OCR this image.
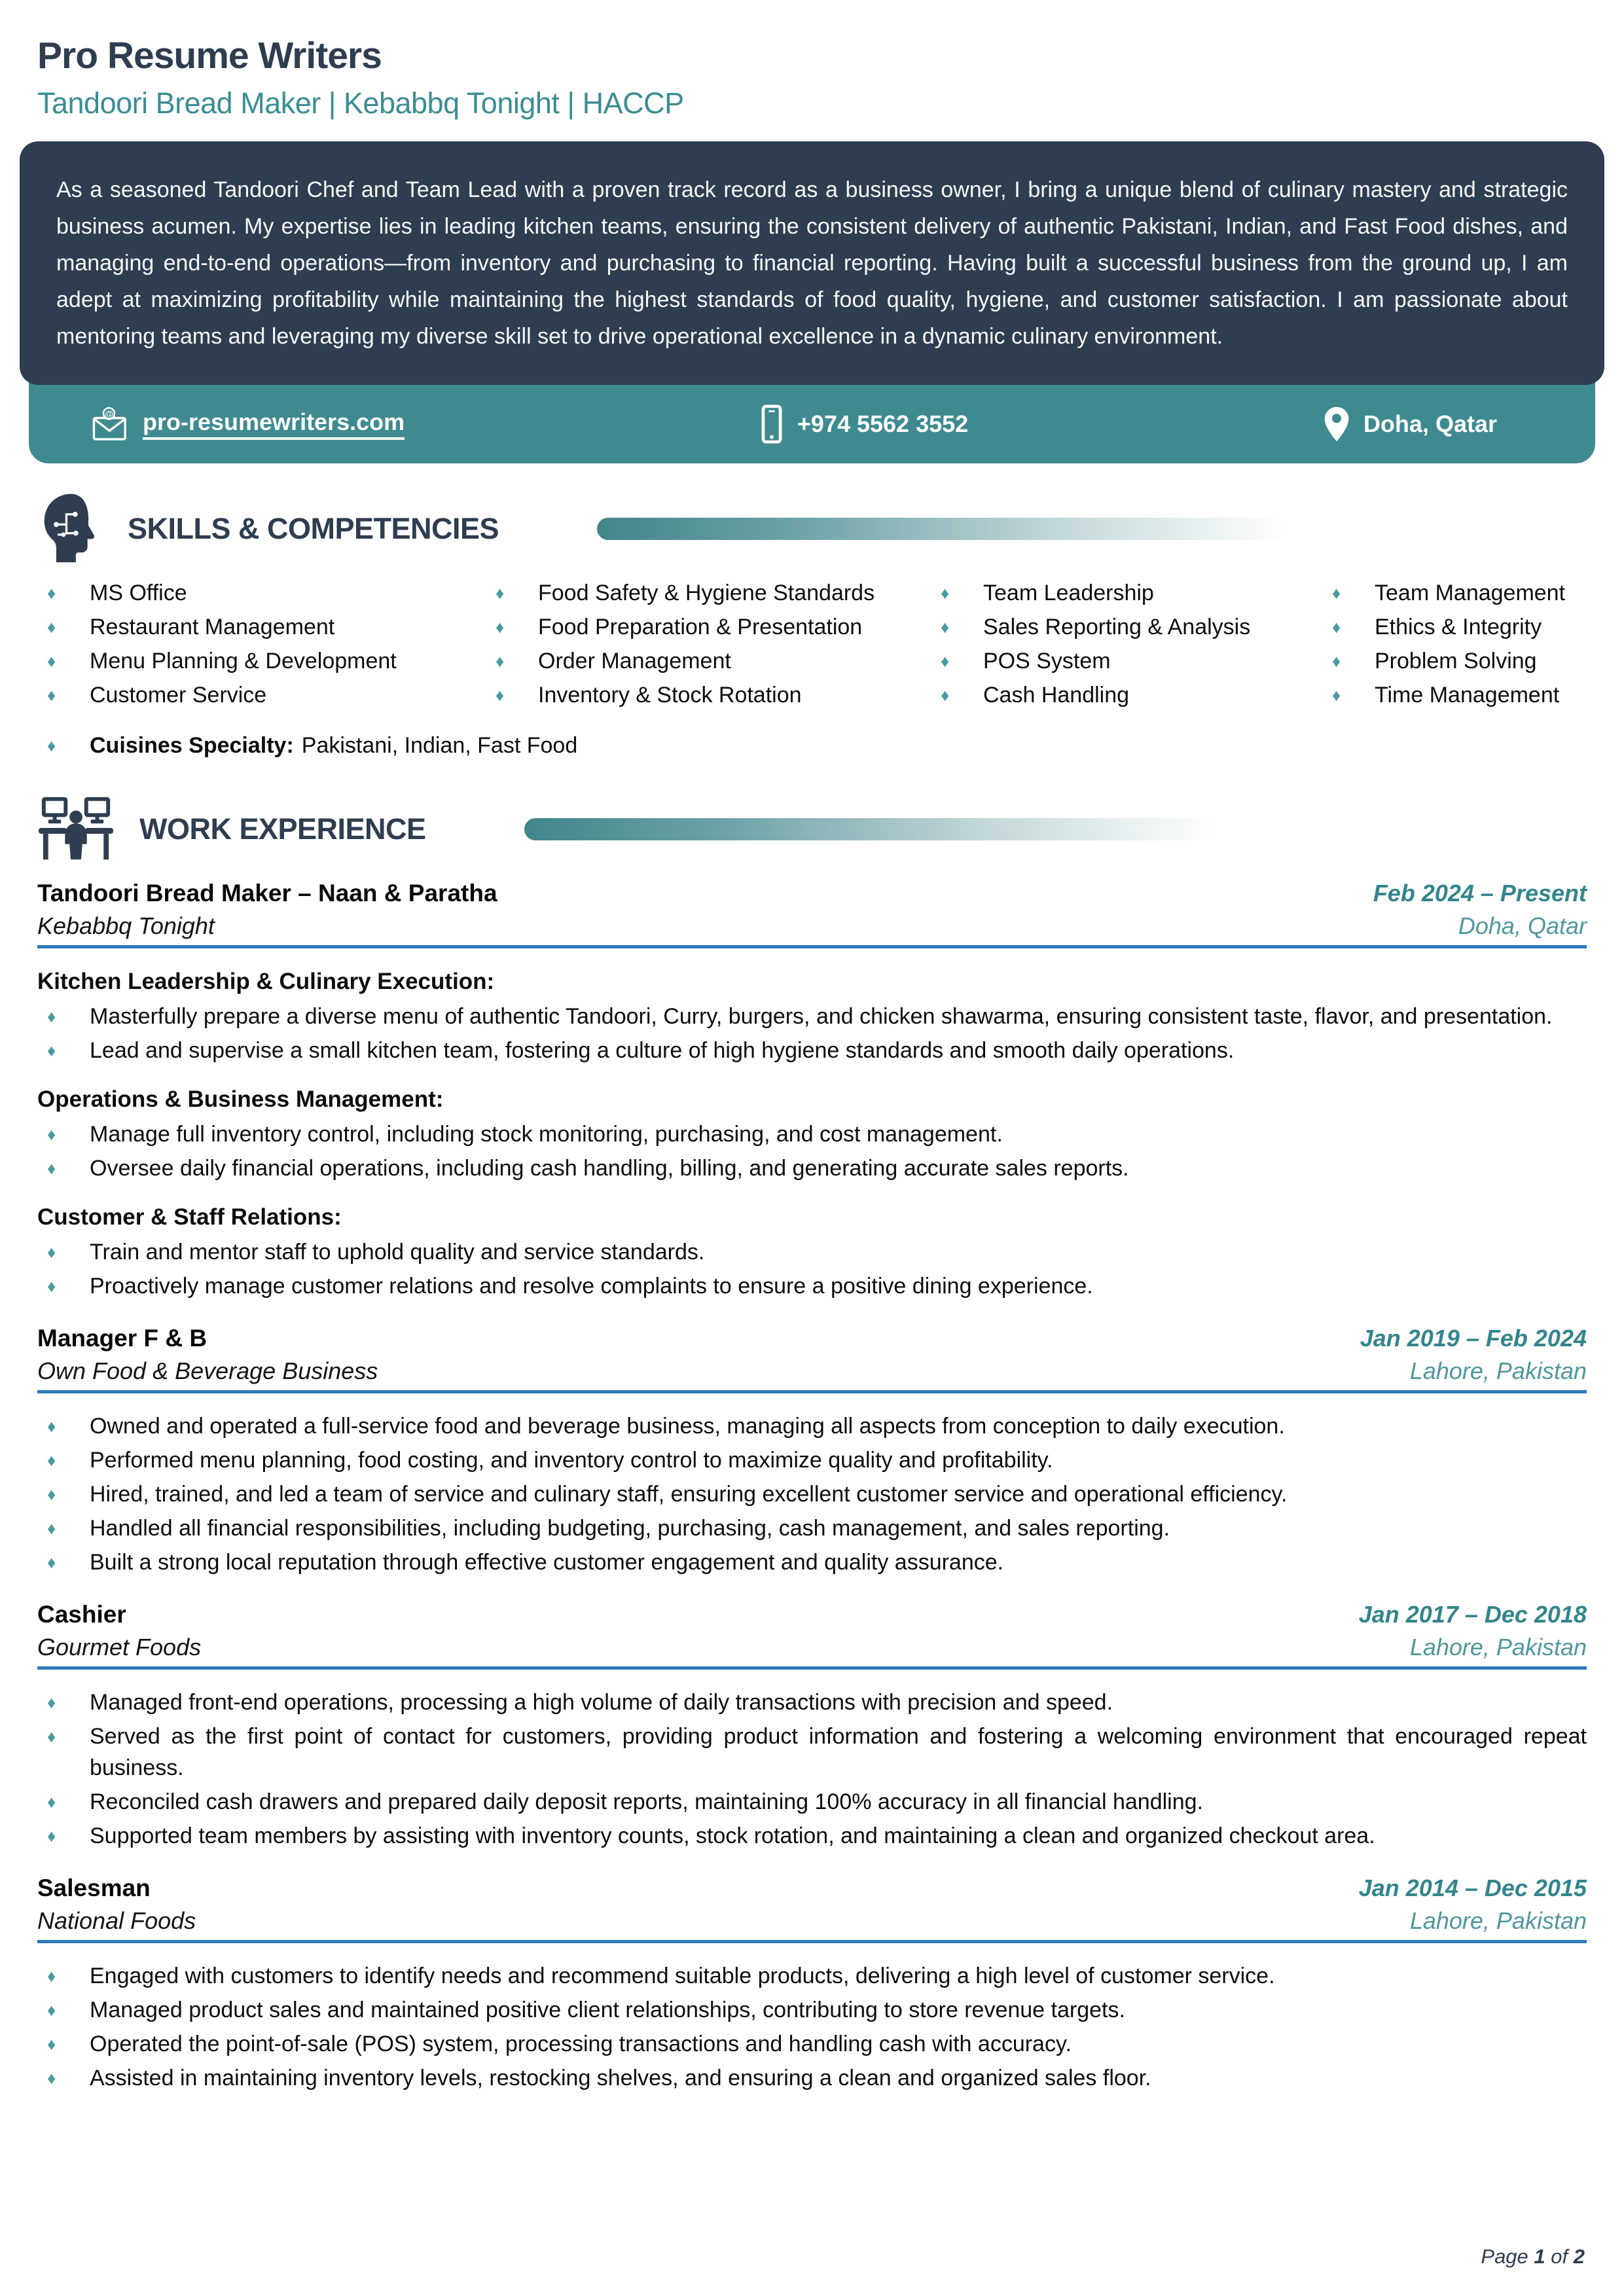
Pro Resume Writers
Tandoori Bread Maker | Kebabbq Tonight | HACCP
As a seasoned Tandoori Chef and Team Lead with a proven track record as a business owner, I bring a unique blend of culinary mastery and strategic business acumen. My expertise lies in leading kitchen teams, ensuring the consistent delivery of authentic Pakistani, Indian, and Fast Food dishes, and managing end-to-end operations—from inventory and purchasing to financial reporting. Having built a successful business from the ground up, I am adept at maximizing profitability while maintaining the highest standards of food quality, hygiene, and customer satisfaction. I am passionate about mentoring teams and leveraging my diverse skill set to drive operational excellence in a dynamic culinary environment.
@ pro-resumewriters.com	+974 5562 3552	Doha, Qatar
SKILLS & COMPETENCIES
♦	MS Office
♦	Restaurant Management
♦	Menu Planning & Development
♦	Customer Service
♦	Food Safety & Hygiene Standards
♦	Food Preparation & Presentation
♦	Order Management
♦	Inventory & Stock Rotation
♦	Team Leadership
♦	Sales Reporting & Analysis
♦	POS System
♦	Cash Handling
♦	Team Management
♦	Ethics & Integrity
♦	Problem Solving
♦	Time Management
♦	Cuisines Specialty: Pakistani, Indian, Fast Food
WORK EXPERIENCE
Tandoori Bread Maker – Naan & Paratha
Kebabbq Tonight
Feb 2024 – Present
Doha, Qatar
Kitchen Leadership & Culinary Execution:
♦	Masterfully prepare a diverse menu of authentic Tandoori, Curry, burgers, and chicken shawarma, ensuring consistent taste, flavor, and presentation.
♦	Lead and supervise a small kitchen team, fostering a culture of high hygiene standards and smooth daily operations.
Operations & Business Management:
♦	Manage full inventory control, including stock monitoring, purchasing, and cost management.
♦	Oversee daily financial operations, including cash handling, billing, and generating accurate sales reports.
Customer & Staff Relations:
♦	Train and mentor staff to uphold quality and service standards.
♦	Proactively manage customer relations and resolve complaints to ensure a positive dining experience.
Manager F & B
Own Food & Beverage Business
Jan 2019 – Feb 2024
Lahore, Pakistan
♦	Owned and operated a full-service food and beverage business, managing all aspects from conception to daily execution.
♦	Performed menu planning, food costing, and inventory control to maximize quality and profitability.
♦	Hired, trained, and led a team of service and culinary staff, ensuring excellent customer service and operational efficiency.
♦	Handled all financial responsibilities, including budgeting, purchasing, cash management, and sales reporting.
♦	Built a strong local reputation through effective customer engagement and quality assurance.
Cashier
Gourmet Foods
Jan 2017 – Dec 2018
Lahore, Pakistan
♦	Managed front-end operations, processing a high volume of daily transactions with precision and speed.
♦	Served as the first point of contact for customers, providing product information and fostering a welcoming environment that encouraged repeat business.
♦	Reconciled cash drawers and prepared daily deposit reports, maintaining 100% accuracy in all financial handling.
♦	Supported team members by assisting with inventory counts, stock rotation, and maintaining a clean and organized checkout area.
Salesman
National Foods
Jan 2014 – Dec 2015
Lahore, Pakistan
♦	Engaged with customers to identify needs and recommend suitable products, delivering a high level of customer service.
♦	Managed product sales and maintained positive client relationships, contributing to store revenue targets.
♦	Operated the point-of-sale (POS) system, processing transactions and handling cash with accuracy.
♦	Assisted in maintaining inventory levels, restocking shelves, and ensuring a clean and organized sales floor.
Page 1 of 2
